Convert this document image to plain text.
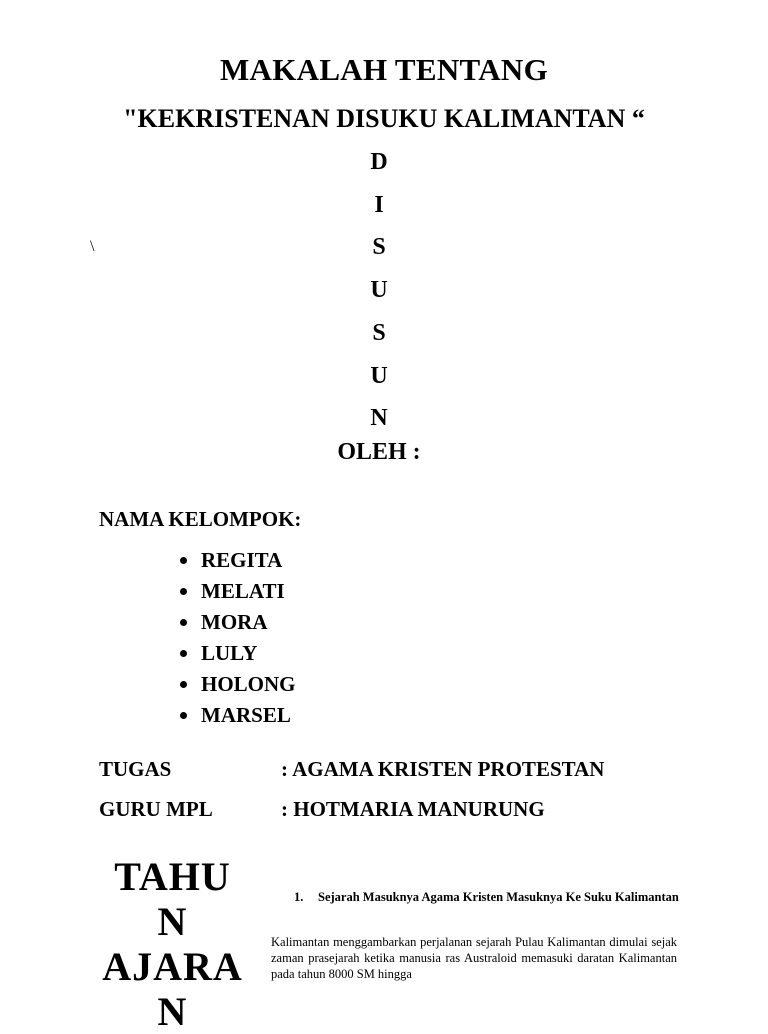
MAKALAH TENTANG
"KEKRISTENAN DISUKU KALIMANTAN “
D
I
S
U
S
U
N
\
OLEH :
NAMA KELOMPOK:
REGITA
MELATI
MORA
LULY
HOLONG
MARSEL
TUGAS	: AGAMA KRISTEN PROTESTAN
GURU MPL	: HOTMARIA MANURUNG
TAHU
N
AJARA
N
1.	Sejarah Masuknya Agama Kristen Masuknya Ke Suku Kalimantan
Kalimantan menggambarkan perjalanan sejarah Pulau Kalimantan dimulai sejak zaman prasejarah ketika manusia ras Australoid memasuki daratan Kalimantan pada tahun 8000 SM hingga
